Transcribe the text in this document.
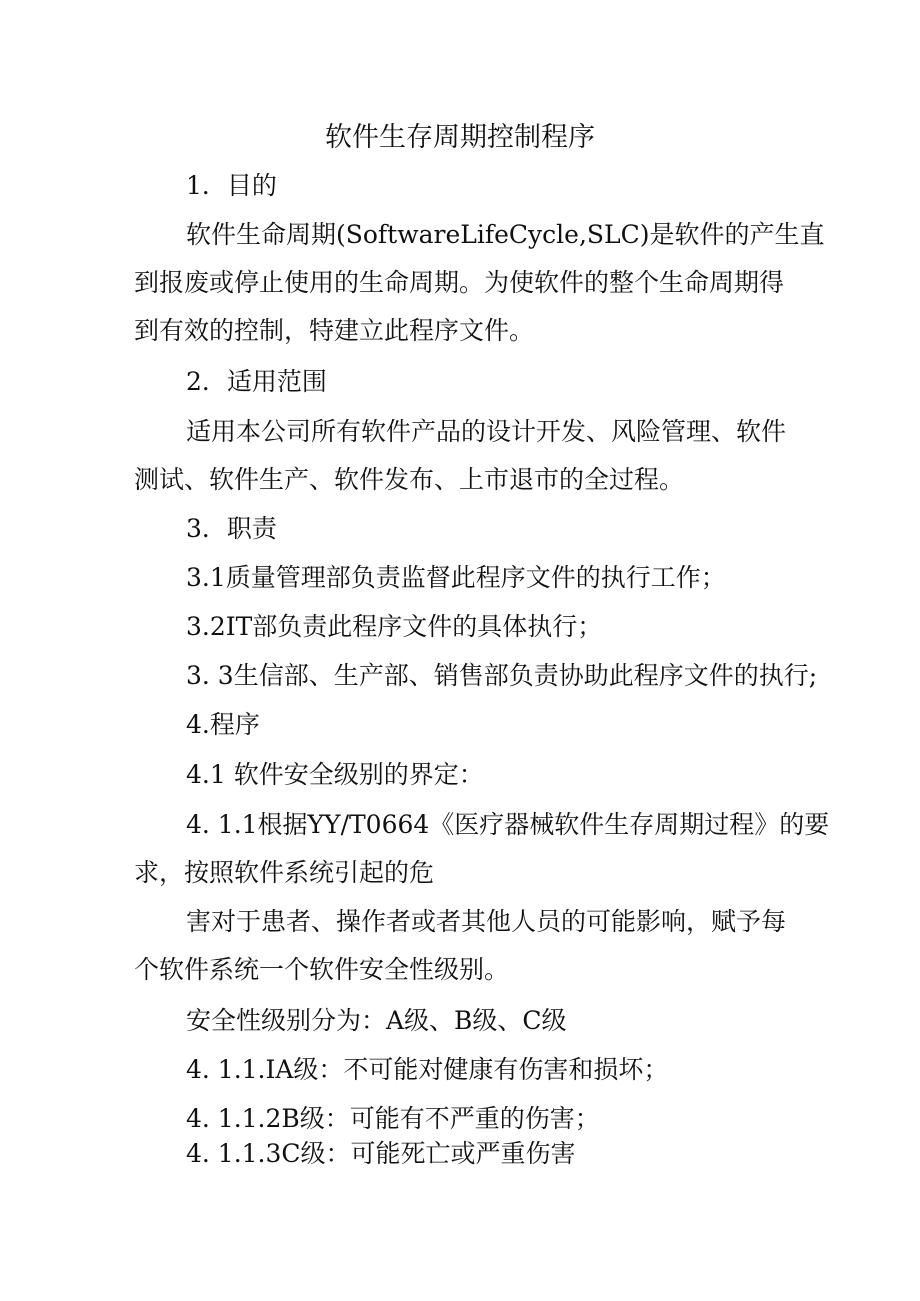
软件生存周期控制程序
1．目的
软件生命周期(SoftwareLifeCycle,SLC)是软件的产生直
到报废或停止使用的生命周期。为使软件的整个生命周期得
到有效的控制，特建立此程序文件。
2．适用范围
适用本公司所有软件产品的设计开发、风险管理、软件
测试、软件生产、软件发布、上市退市的全过程。
3．职责
3.1质量管理部负责监督此程序文件的执行工作；
3.2IT部负责此程序文件的具体执行；
3. 3生信部、生产部、销售部负责协助此程序文件的执行;
4.程序
4.1 软件安全级别的界定：
4. 1.1根据YY/T0664《医疗器械软件生存周期过程》的要
求，按照软件系统引起的危
害对于患者、操作者或者其他人员的可能影响，赋予每
个软件系统一个软件安全性级别。
安全性级别分为：A级、B级、C级
4. 1.1.IA级：不可能对健康有伤害和损坏；
4. 1.1.2B级：可能有不严重的伤害；
4. 1.1.3C级：可能死亡或严重伤害
